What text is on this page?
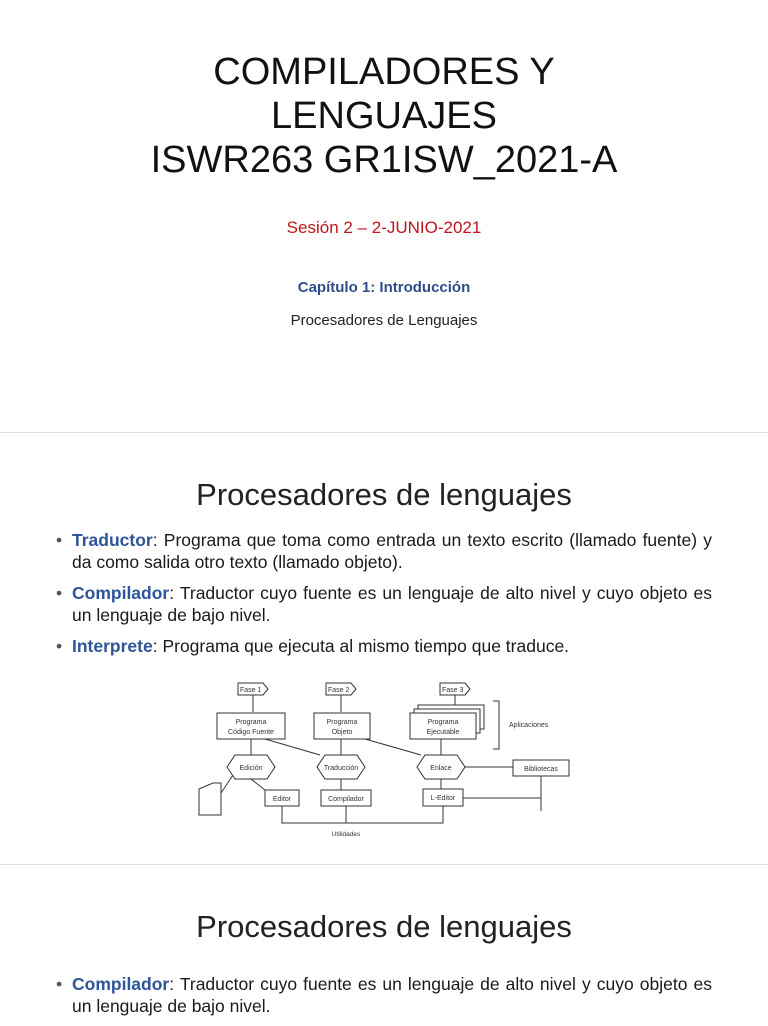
COMPILADORES Y
LENGUAJES
ISWR263 GR1ISW_2021-A
Sesión 2 – 2-JUNIO-2021
Capítulo 1: Introducción
Procesadores de Lenguajes
Procesadores de lenguajes
• Traductor: Programa que toma como entrada un texto escrito (llamado fuente) y da como salida otro texto (llamado objeto).
• Compilador: Traductor cuyo fuente es un lenguaje de alto nivel y cuyo objeto es un lenguaje de bajo nivel.
• Interprete: Programa que ejecuta al mismo tiempo que traduce.
Fase 1	Fase 2	Fase 3
Programa
Código Fuente
Programa
Objeto
Programa
Ejecutable
Aplicaciones
Edición	Traducción	Enlace	Bibliotecas
Editor	Compilador	L-Editor
Utilidades
Procesadores de lenguajes
• Compilador: Traductor cuyo fuente es un lenguaje de alto nivel y cuyo objeto es un lenguaje de bajo nivel.
